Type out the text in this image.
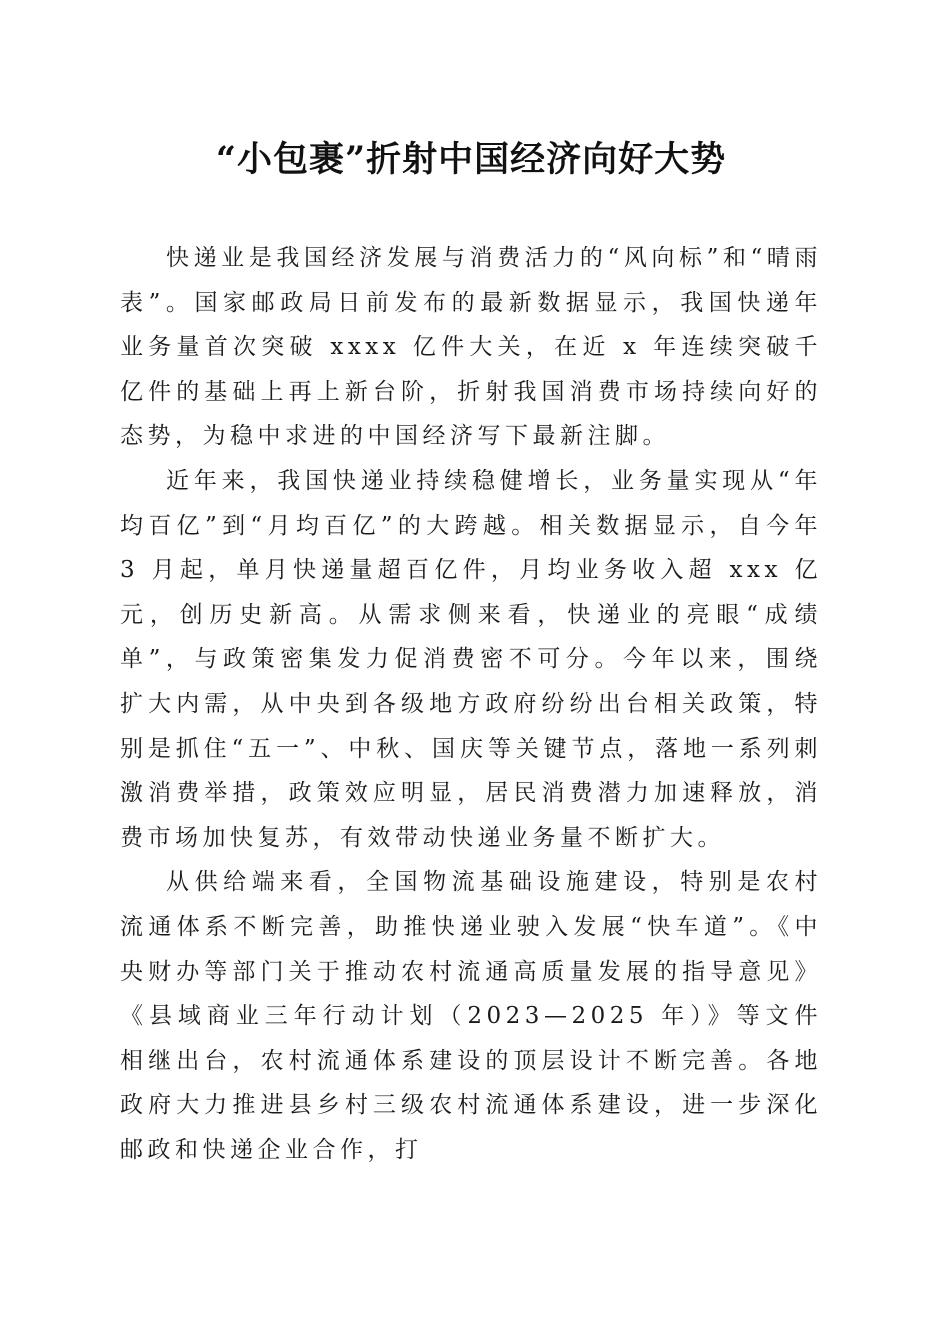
“小包裹”折射中国经济向好大势

快递业是我国经济发展与消费活力的“风向标”和“晴雨表”。国家邮政局日前发布的最新数据显示，我国快递年业务量首次突破 xxxx 亿件大关，在近 x 年连续突破千亿件的基础上再上新台阶，折射我国消费市场持续向好的态势，为稳中求进的中国经济写下最新注脚。

近年来，我国快递业持续稳健增长，业务量实现从“年均百亿”到“月均百亿”的大跨越。相关数据显示，自今年 3 月起，单月快递量超百亿件，月均业务收入超 xxx 亿元，创历史新高。从需求侧来看，快递业的亮眼“成绩单”，与政策密集发力促消费密不可分。今年以来，围绕扩大内需，从中央到各级地方政府纷纷出台相关政策，特别是抓住“五一”、中秋、国庆等关键节点，落地一系列刺激消费举措，政策效应明显，居民消费潜力加速释放，消费市场加快复苏，有效带动快递业务量不断扩大。

从供给端来看，全国物流基础设施建设，特别是农村流通体系不断完善，助推快递业驶入发展“快车道”。《中央财办等部门关于推动农村流通高质量发展的指导意见》《县域商业三年行动计划（2023—2025 年）》等文件相继出台，农村流通体系建设的顶层设计不断完善。各地政府大力推进县乡村三级农村流通体系建设，进一步深化邮政和快递企业合作，打
